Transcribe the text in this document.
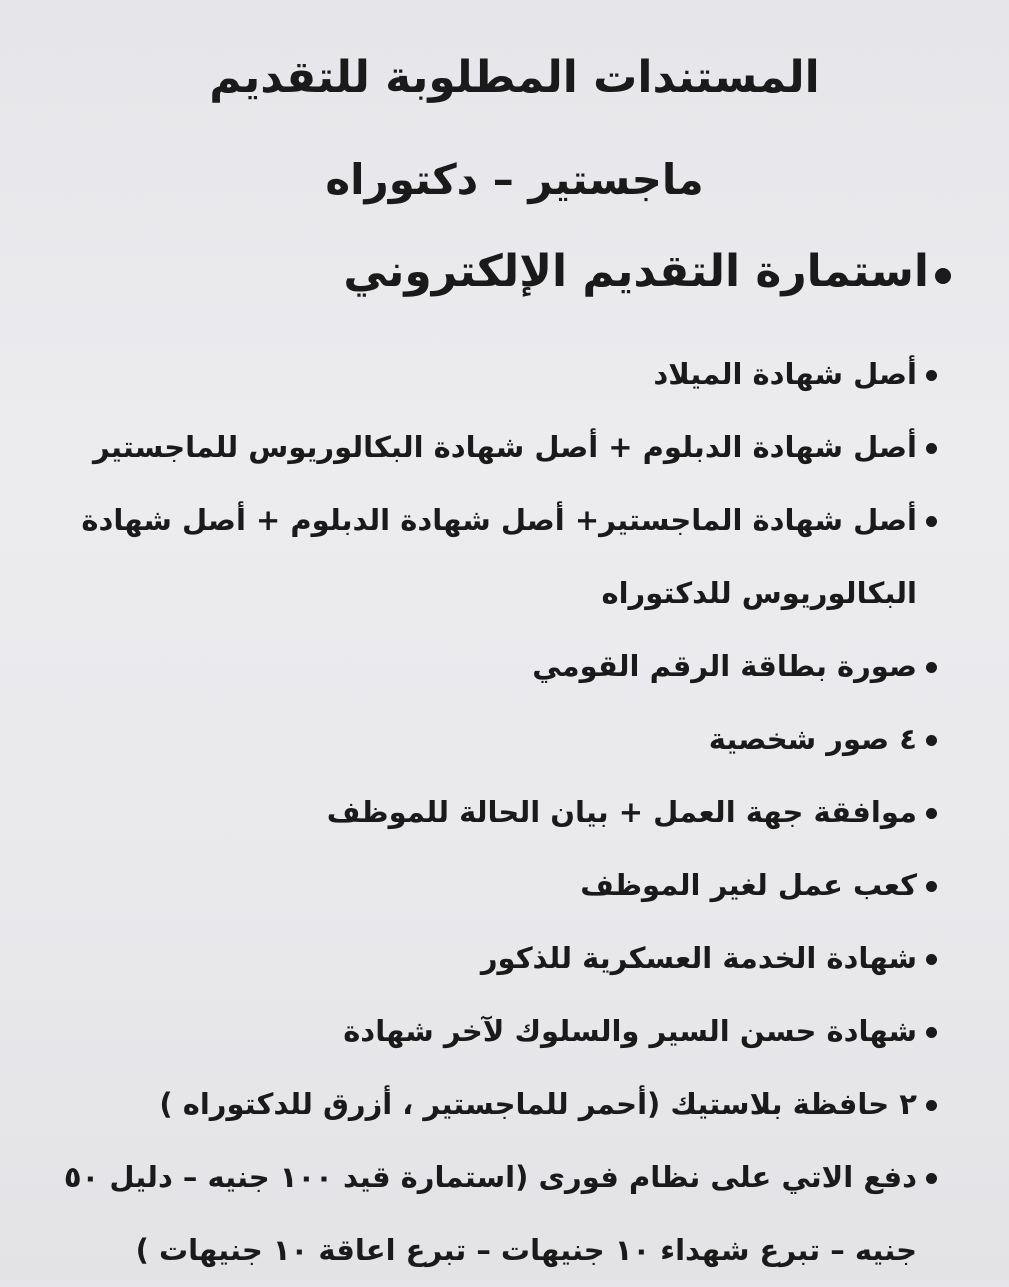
المستندات المطلوبة للتقديم
ماجستير – دكتوراه
استمارة التقديم الإلكتروني
أصل شهادة الميلاد
أصل شهادة الدبلوم + أصل شهادة البكالوريوس للماجستير
أصل شهادة الماجستير+ أصل شهادة الدبلوم + أصل شهادة البكالوريوس للدكتوراه
صورة بطاقة الرقم القومي
٤ صور شخصية
موافقة جهة العمل + بيان الحالة للموظف
كعب عمل لغير الموظف
شهادة الخدمة العسكرية للذكور
شهادة حسن السير والسلوك لآخر شهادة
٢ حافظة بلاستيك (أحمر للماجستير ، أزرق للدكتوراه )
دفع الاتي على نظام فورى (استمارة قيد ١٠٠ جنيه – دليل ٥٠ جنيه – تبرع شهداء ١٠ جنيهات – تبرع اعاقة ١٠ جنيهات )
